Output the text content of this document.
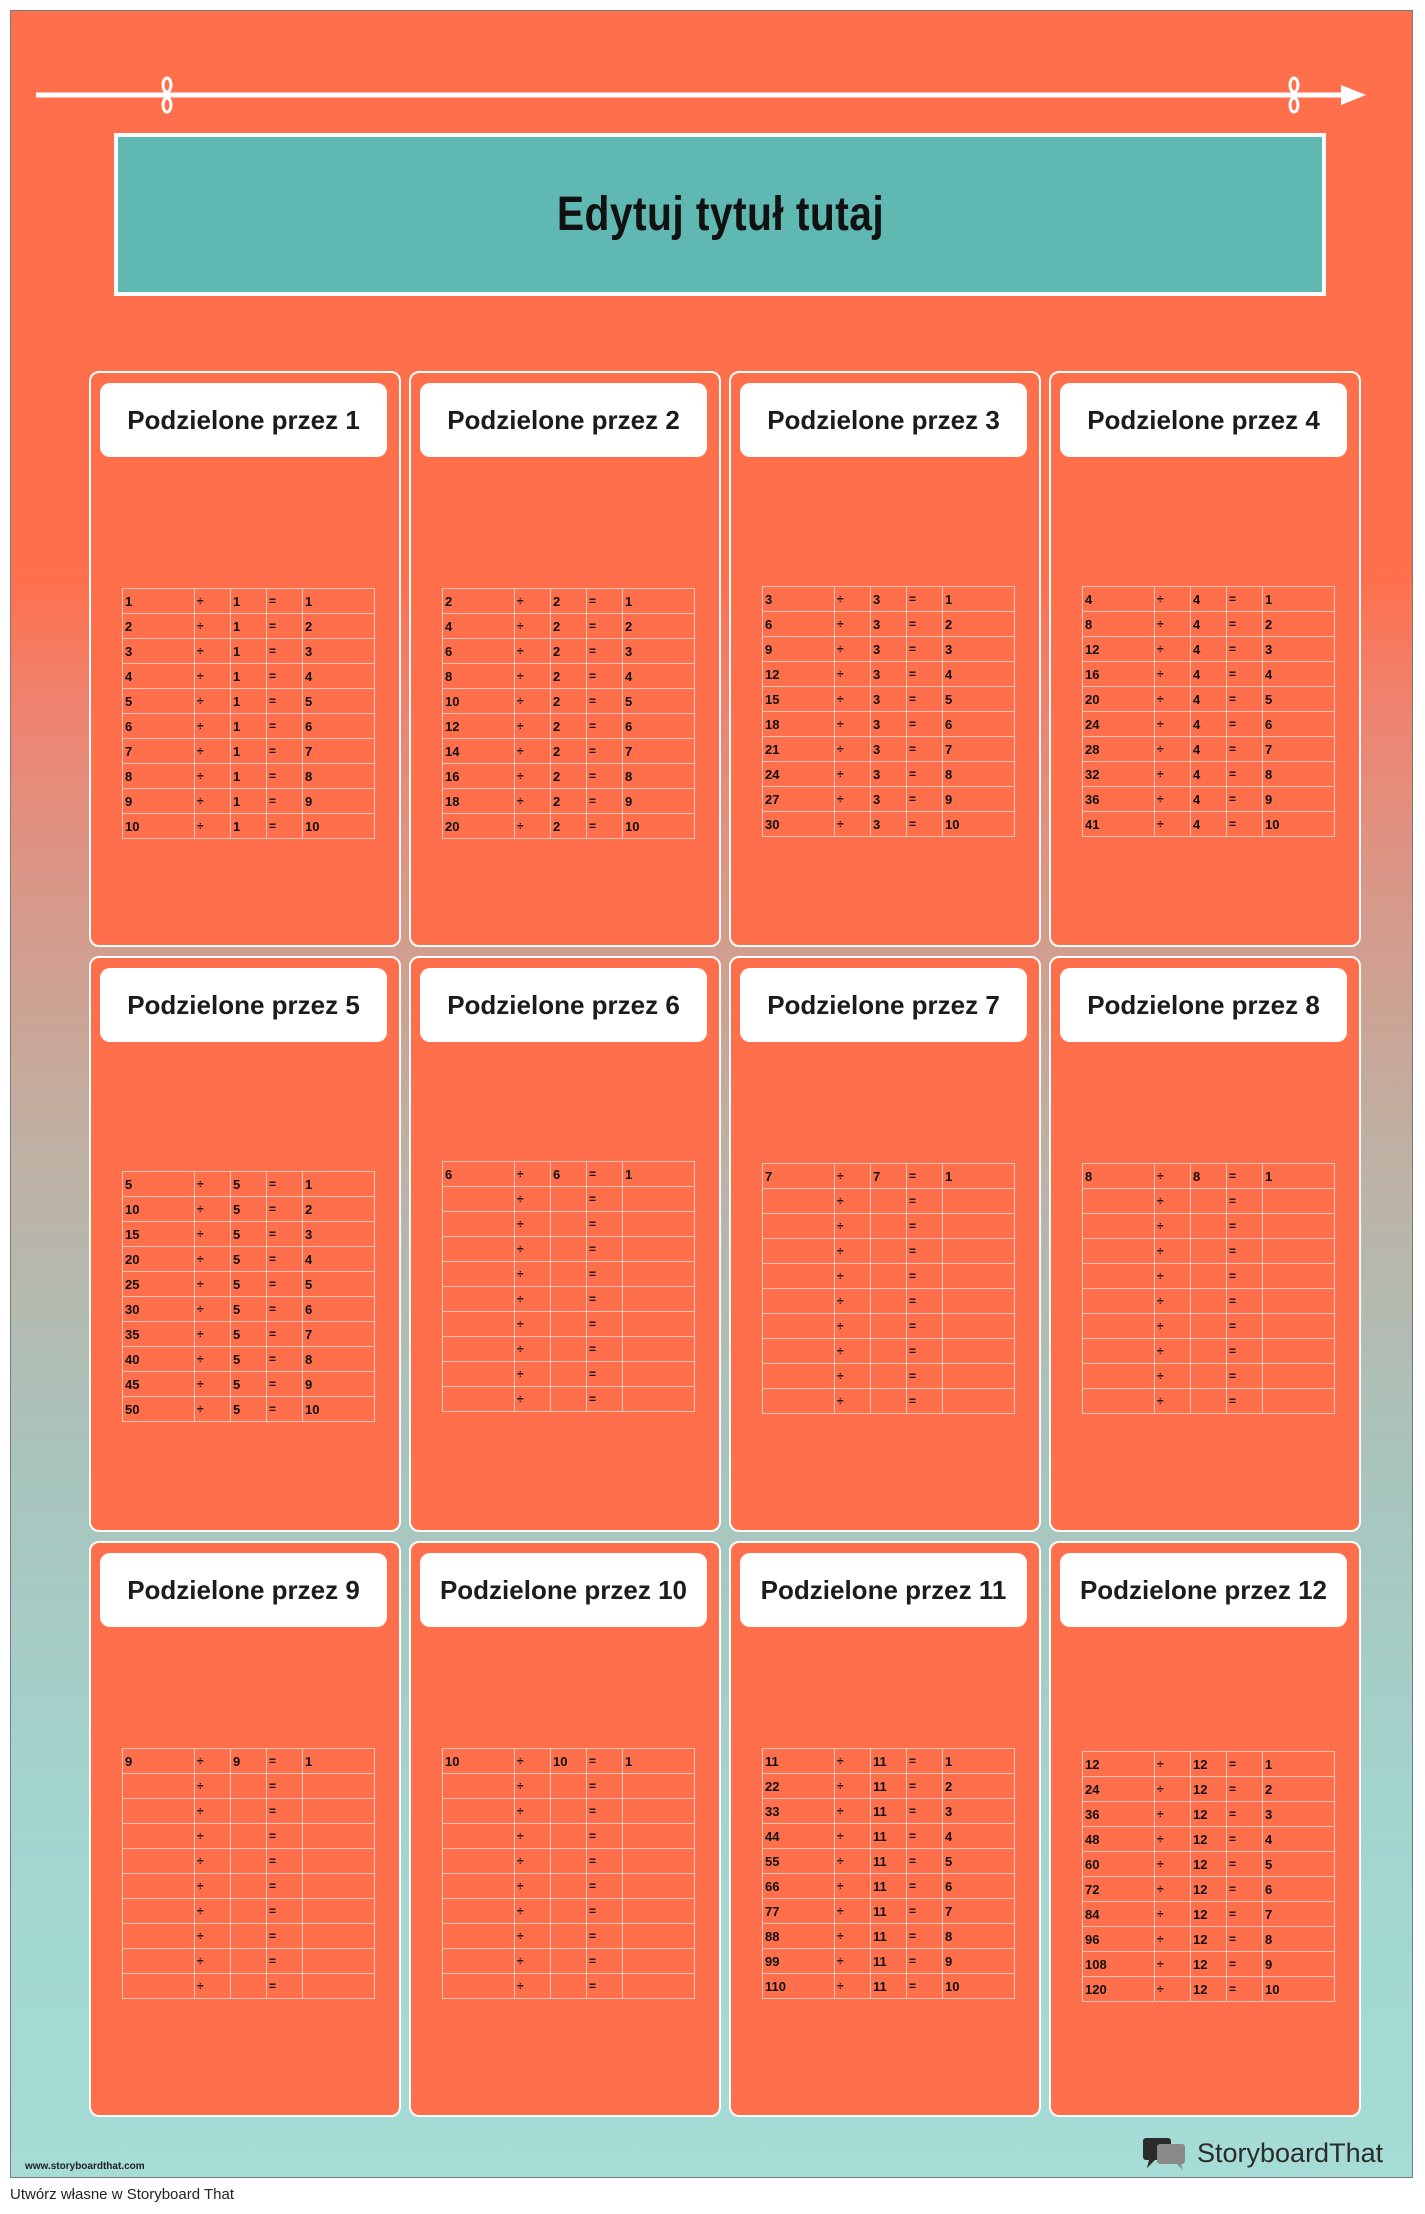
Edytuj tytuł tutaj
Podzielone przez 1
1	÷	1	=	1
2	÷	1	=	2
3	÷	1	=	3
4	÷	1	=	4
5	÷	1	=	5
6	÷	1	=	6
7	÷	1	=	7
8	÷	1	=	8
9	÷	1	=	9
10	÷	1	=	10
Podzielone przez 2
2	÷	2	=	1
4	÷	2	=	2
6	÷	2	=	3
8	÷	2	=	4
10	÷	2	=	5
12	÷	2	=	6
14	÷	2	=	7
16	÷	2	=	8
18	÷	2	=	9
20	÷	2	=	10
Podzielone przez 3
3	÷	3	=	1
6	÷	3	=	2
9	÷	3	=	3
12	÷	3	=	4
15	÷	3	=	5
18	÷	3	=	6
21	÷	3	=	7
24	÷	3	=	8
27	÷	3	=	9
30	÷	3	=	10
Podzielone przez 4
4	÷	4	=	1
8	÷	4	=	2
12	÷	4	=	3
16	÷	4	=	4
20	÷	4	=	5
24	÷	4	=	6
28	÷	4	=	7
32	÷	4	=	8
36	÷	4	=	9
41	÷	4	=	10
Podzielone przez 5
5	÷	5	=	1
10	÷	5	=	2
15	÷	5	=	3
20	÷	5	=	4
25	÷	5	=	5
30	÷	5	=	6
35	÷	5	=	7
40	÷	5	=	8
45	÷	5	=	9
50	÷	5	=	10
Podzielone przez 6
6	÷	6	=	1
	÷		=	
	÷		=	
	÷		=	
	÷		=	
	÷		=	
	÷		=	
	÷		=	
	÷		=	
	÷		=	
Podzielone przez 7
7	÷	7	=	1
	÷		=	
	÷		=	
	÷		=	
	÷		=	
	÷		=	
	÷		=	
	÷		=	
	÷		=	
	÷		=	
Podzielone przez 8
8	÷	8	=	1
	÷		=	
	÷		=	
	÷		=	
	÷		=	
	÷		=	
	÷		=	
	÷		=	
	÷		=	
	÷		=	
Podzielone przez 9
9	÷	9	=	1
	÷		=	
	÷		=	
	÷		=	
	÷		=	
	÷		=	
	÷		=	
	÷		=	
	÷		=	
	÷		=	
Podzielone przez 10
10	÷	10	=	1
	÷		=	
	÷		=	
	÷		=	
	÷		=	
	÷		=	
	÷		=	
	÷		=	
	÷		=	
	÷		=	
Podzielone przez 11
11	÷	11	=	1
22	÷	11	=	2
33	÷	11	=	3
44	÷	11	=	4
55	÷	11	=	5
66	÷	11	=	6
77	÷	11	=	7
88	÷	11	=	8
99	÷	11	=	9
110	÷	11	=	10
Podzielone przez 12
12	÷	12	=	1
24	÷	12	=	2
36	÷	12	=	3
48	÷	12	=	4
60	÷	12	=	5
72	÷	12	=	6
84	÷	12	=	7
96	÷	12	=	8
108	÷	12	=	9
120	÷	12	=	10
www.storyboardthat.com	StoryboardThat
Utwórz własne w Storyboard That
